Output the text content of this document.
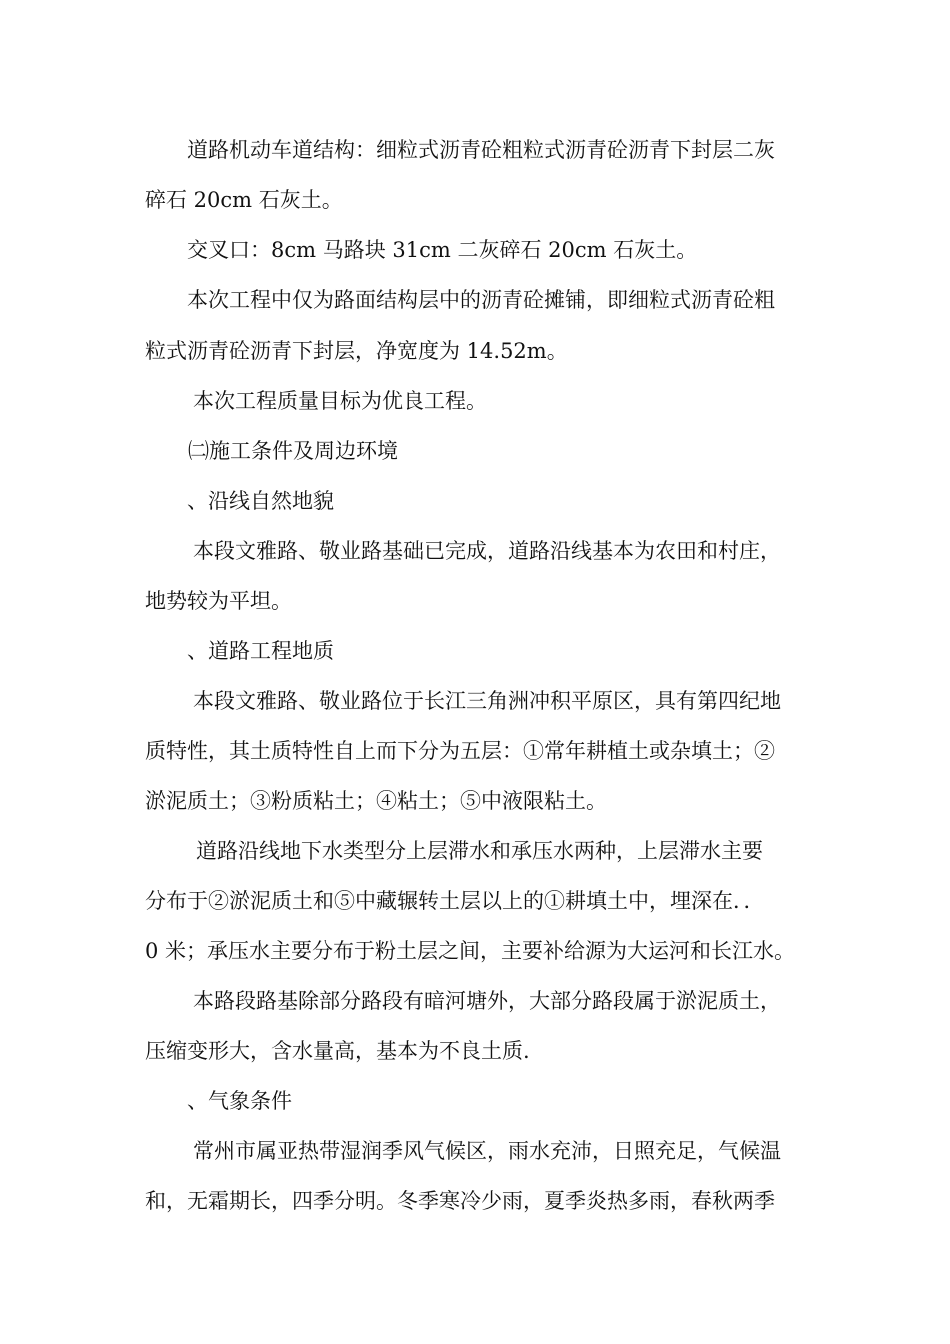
道路机动车道结构：细粒式沥青砼粗粒式沥青砼沥青下封层二灰
碎石 20cm 石灰土。
交叉口：8cm 马路块 31cm 二灰碎石 20cm 石灰土。
本次工程中仅为路面结构层中的沥青砼摊铺，即细粒式沥青砼粗
粒式沥青砼沥青下封层，净宽度为 14.52m。
本次工程质量目标为优良工程。
㈡施工条件及周边环境
、沿线自然地貌
本段文雅路、敬业路基础已完成，道路沿线基本为农田和村庄，
地势较为平坦。
、道路工程地质
本段文雅路、敬业路位于长江三角洲冲积平原区，具有第四纪地
质特性，其土质特性自上而下分为五层：①常年耕植土或杂填土；②
淤泥质土；③粉质粘土；④粘土；⑤中液限粘土。
道路沿线地下水类型分上层滞水和承压水两种，上层滞水主要
分布于②淤泥质土和⑤中藏辗转土层以上的①耕填土中，埋深在．．
0 米；承压水主要分布于粉土层之间，主要补给源为大运河和长江水。
本路段路基除部分路段有暗河塘外，大部分路段属于淤泥质土，
压缩变形大，含水量高，基本为不良土质.
、气象条件
常州市属亚热带湿润季风气候区，雨水充沛，日照充足，气候温
和，无霜期长，四季分明。冬季寒冷少雨，夏季炎热多雨，春秋两季
